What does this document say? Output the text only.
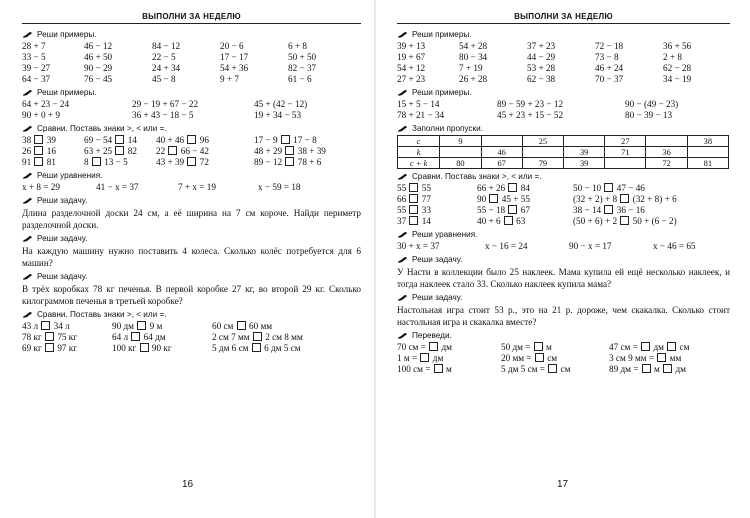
ВЫПОЛНИ ЗА НЕДЕЛЮ
Реши примеры.
28 + 7	46 − 12	84 − 12	20 − 6	6 + 8
33 − 5	46 + 50	22 − 5	17 − 17	50 + 50
39 − 27	90 − 29	24 + 34	54 + 36	82 − 37
64 − 37	76 − 45	45 − 8	9 + 7	61 − 6
Реши примеры.
64 + 23 − 24	29 − 19 + 67 − 22	45 + (42 − 12)
90 + 0 + 9	36 + 43 − 18 − 5	19 + 34 − 53
Сравни. Поставь знаки >, < или =.
38 39	69 − 54 14	40 + 46 96	17 − 9 17 − 8
26 16	63 + 25 82	22 66 − 42	48 + 29 38 + 39
91 81	8 13 − 5	43 + 39 72	89 − 12 78 + 6
Реши уравнения.
x + 8 = 29	41 − x = 37	7 + x = 19	x − 59 = 18
Реши задачу.
Длина разделочной доски 24 см, а её ширина на 7 см короче. Найди периметр разделочной доски.
Реши задачу.
На каждую машину нужно поставить 4 колеса. Сколько колёс потребуется для 6 машин?
Реши задачу.
В трёх коробках 78 кг печенья. В первой коробке 27 кг, во второй 29 кг. Сколько килограммов печенья в третьей коробке?
Сравни. Поставь знаки >, < или =.
43 л 34 л	90 дм 9 м	60 см 60 мм
78 кг 75 кг	64 л 64 дм	2 см 7 мм 2 см 8 мм
69 кг 97 кг	100 кг 90 кг	5 дм 6 см 6 дм 5 см
16
ВЫПОЛНИ ЗА НЕДЕЛЮ
Реши примеры.
39 + 13	54 + 28	37 + 23	72 − 18	36 + 56
19 + 67	80 − 34	44 − 29	73 − 8	2 + 8
54 + 12	7 + 19	53 + 28	46 + 24	62 − 28
27 + 23	26 + 28	62 − 38	70 − 37	34 − 19
Реши примеры.
15 + 5 − 14	89 − 59 + 23 − 12	90 − (49 − 23)
78 + 21 − 34	45 + 23 + 15 − 52	80 − 39 − 13
Заполни пропуски.
c	9		25		27		38
k		46		39	71	36	
c + k	80	67	79	39		72	81
Сравни. Поставь знаки >, < или =.
55 55	66 + 26 84	50 − 10 47 − 46
66 77	90 45 + 55	(32 + 2) + 8 (32 + 8) + 6
55 33	55 − 18 67	38 − 14 36 − 16
37 14	40 + 6 63	(50 + 6) + 2 50 + (6 − 2)
Реши уравнения.
30 + x = 37	x − 16 = 24	90 − x = 17	x − 46 = 65
Реши задачу.
У Насти в коллекции было 25 наклеек. Мама купила ей ещё несколько наклеек, и тогда наклеек стало 33. Сколько наклеек купила мама?
Реши задачу.
Настольная игра стоит 53 р., это на 21 р. дороже, чем скакалка. Сколько стоит настольная игра и скакалка вместе?
Переведи.
70 см = дм	50 дм = м	47 см = дм см
1 м = дм	20 мм = см	3 см 9 мм = мм
100 см = м	5 дм 5 см = см	89 дм = м дм
17
